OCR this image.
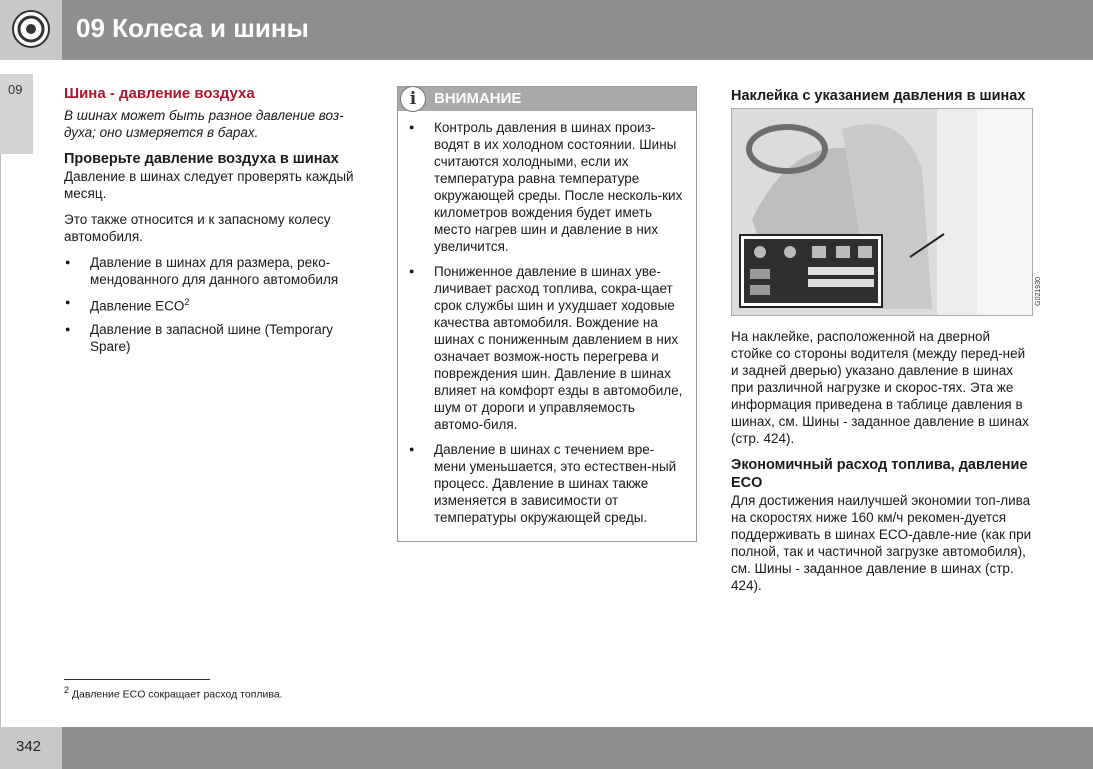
09 Колеса и шины
09	Шина - давление воздуха
В шинах может быть разное давление воз-духа; оно измеряется в барах.
Проверьте давление воздуха в шинах

Давление в шинах следует проверять каждый месяц.

Это также относится и к запасному колесу автомобиля.

● Давление в шинах для размера, реко-мендованного для данного автомобиля
● Давление ECO$^2$
● Давление в запасной шине (Temporary Spare)
i	ВНИМАНИЕ
● Контроль давления в шинах произ-водят в их холодном состоянии. Шины считаются холодными, если их температура равна температуре окружающей среды. После несколь-ких километров вождения будет иметь место нагрев шин и давление в них увеличится.
● Пониженное давление в шинах уве-личивает расход топлива, сокра-щает срок службы шин и ухудшает ходовые качества автомобиля. Вождение на шинах с пониженным давлением в них означает возмож-ность перегрева и повреждения шин. Давление в шинах влияет на комфорт езды в автомобиле, шум от дороги и управляемость автомо-биля.
● Давление в шинах с течением вре-мени уменьшается, это естествен-ный процесс. Давление в шинах также изменяется в зависимости от температуры окружающей среды.
Наклейка с указанием давления в шинах
G021930

На наклейке, расположенной на дверной стойке со стороны водителя (между перед-ней и задней дверью) указано давление в шинах при различной нагрузке и скорос-тях. Эта же информация приведена в таблице давления в шинах, см. Шины - заданное давление в шинах (стр. 424).

Экономичный расход топлива, давление ECO

Для достижения наилучшей экономии топ-лива на скоростях ниже 160 км/ч рекомен-дуется поддерживать в шинах ECO-давле-ние (как при полной, так и частичной загрузке автомобиля), см. Шины - заданное давление в шинах (стр. 424).

$^2$ Давление ECO сокращает расход топлива.
342
